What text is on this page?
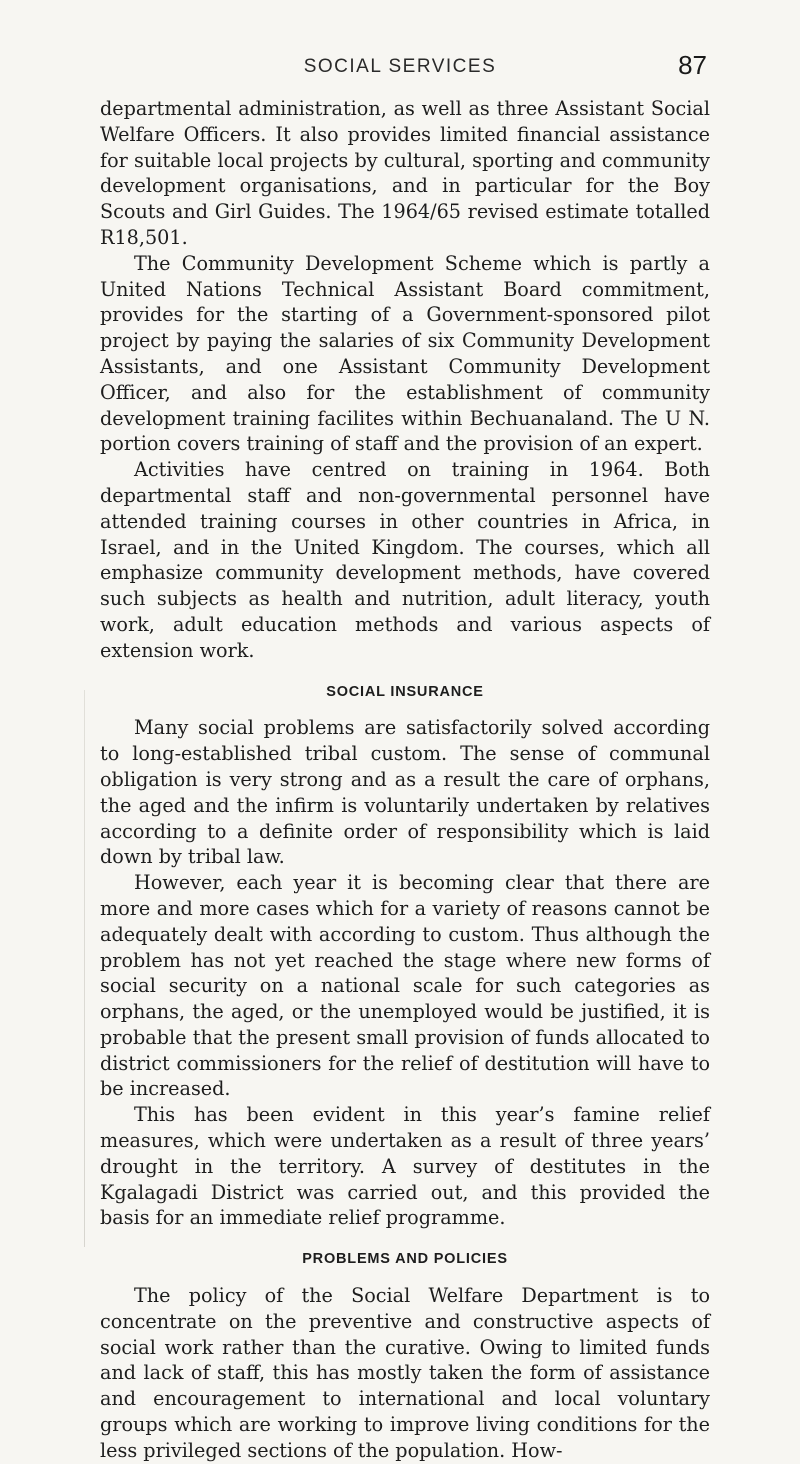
SOCIAL SERVICES	87

departmental administration, as well as three Assistant Social Welfare Officers. It also provides limited financial assistance for suitable local projects by cultural, sporting and community development organisations, and in particular for the Boy Scouts and Girl Guides. The 1964/65 revised estimate totalled R18,501.

The Community Development Scheme which is partly a United Nations Technical Assistant Board commitment, provides for the starting of a Government-sponsored pilot project by paying the salaries of six Community Development Assistants, and one Assistant Community Development Officer, and also for the establishment of community development training facilites within Bechuanaland. The U N. portion covers training of staff and the provision of an expert.

Activities have centred on training in 1964. Both departmental staff and non-governmental personnel have attended training courses in other countries in Africa, in Israel, and in the United Kingdom. The courses, which all emphasize community development methods, have covered such subjects as health and nutrition, adult literacy, youth work, adult education methods and various aspects of extension work.

SOCIAL INSURANCE

Many social problems are satisfactorily solved according to long-established tribal custom. The sense of communal obligation is very strong and as a result the care of orphans, the aged and the infirm is voluntarily undertaken by relatives according to a definite order of responsibility which is laid down by tribal law.

However, each year it is becoming clear that there are more and more cases which for a variety of reasons cannot be adequately dealt with according to custom. Thus although the problem has not yet reached the stage where new forms of social security on a national scale for such categories as orphans, the aged, or the unemployed would be justified, it is probable that the present small provision of funds allocated to district commissioners for the relief of destitution will have to be increased.

This has been evident in this year’s famine relief measures, which were undertaken as a result of three years’ drought in the territory. A survey of destitutes in the Kgalagadi District was carried out, and this provided the basis for an immediate relief programme.

PROBLEMS AND POLICIES

The policy of the Social Welfare Department is to concentrate on the preventive and constructive aspects of social work rather than the curative. Owing to limited funds and lack of staff, this has mostly taken the form of assistance and encouragement to international and local voluntary groups which are working to improve living conditions for the less privileged sections of the population. How-
